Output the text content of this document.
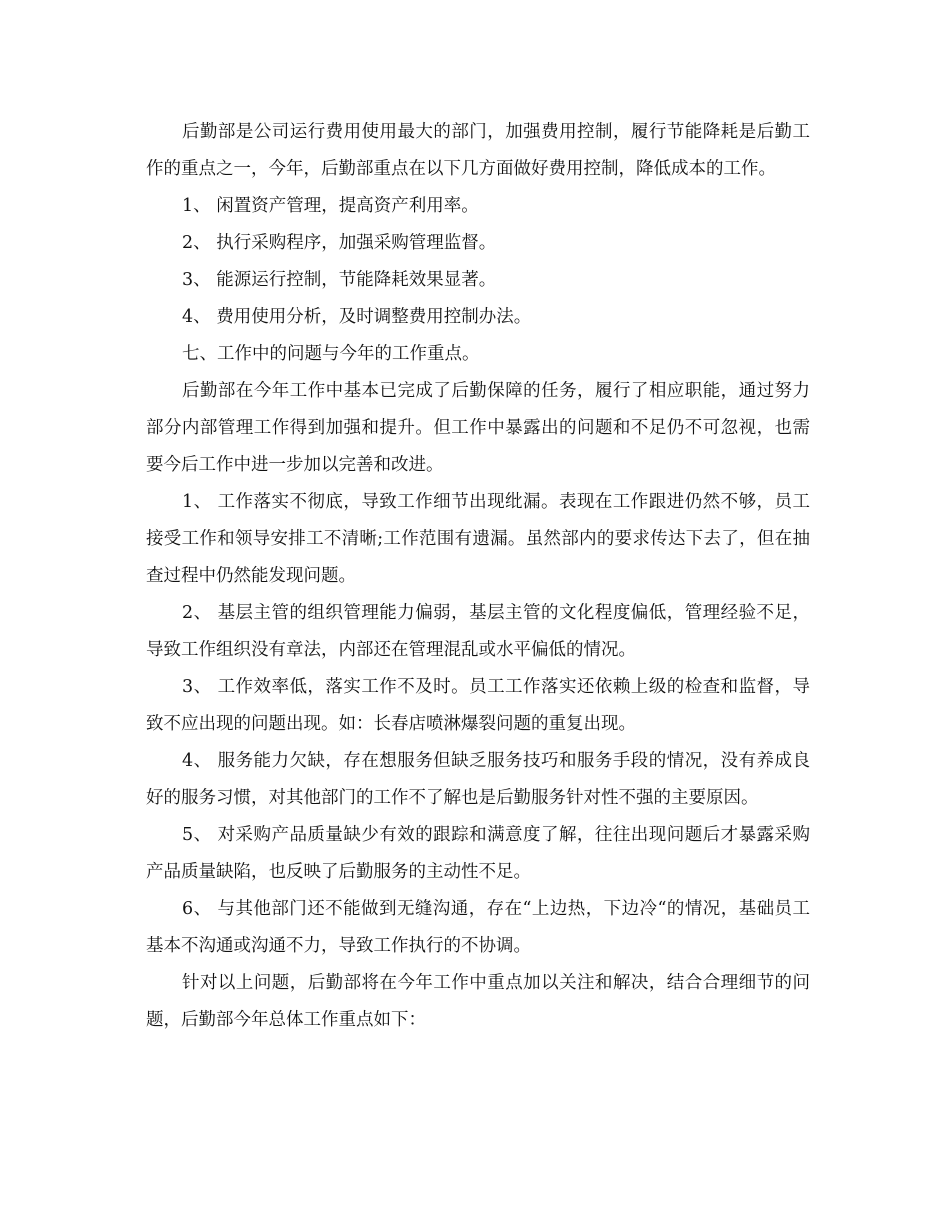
后勤部是公司运行费用使用最大的部门，加强费用控制，履行节能降耗是后勤工作的重点之一，今年，后勤部重点在以下几方面做好费用控制，降低成本的工作。

1、 闲置资产管理，提高资产利用率。

2、 执行采购程序，加强采购管理监督。

3、 能源运行控制，节能降耗效果显著。

4、 费用使用分析，及时调整费用控制办法。

七、工作中的问题与今年的工作重点。

后勤部在今年工作中基本已完成了后勤保障的任务，履行了相应职能，通过努力部分内部管理工作得到加强和提升。但工作中暴露出的问题和不足仍不可忽视，也需要今后工作中进一步加以完善和改进。

1、 工作落实不彻底，导致工作细节出现纰漏。表现在工作跟进仍然不够，员工接受工作和领导安排工不清晰;工作范围有遗漏。虽然部内的要求传达下去了，但在抽查过程中仍然能发现问题。

2、 基层主管的组织管理能力偏弱，基层主管的文化程度偏低，管理经验不足，导致工作组织没有章法，内部还在管理混乱或水平偏低的情况。

3、 工作效率低，落实工作不及时。员工工作落实还依赖上级的检查和监督，导致不应出现的问题出现。如：长春店喷淋爆裂问题的重复出现。

4、 服务能力欠缺，存在想服务但缺乏服务技巧和服务手段的情况，没有养成良好的服务习惯，对其他部门的工作不了解也是后勤服务针对性不强的主要原因。

5、 对采购产品质量缺少有效的跟踪和满意度了解，往往出现问题后才暴露采购产品质量缺陷，也反映了后勤服务的主动性不足。

6、 与其他部门还不能做到无缝沟通，存在“上边热，下边冷“的情况，基础员工基本不沟通或沟通不力，导致工作执行的不协调。

针对以上问题，后勤部将在今年工作中重点加以关注和解决，结合合理细节的问题，后勤部今年总体工作重点如下：
